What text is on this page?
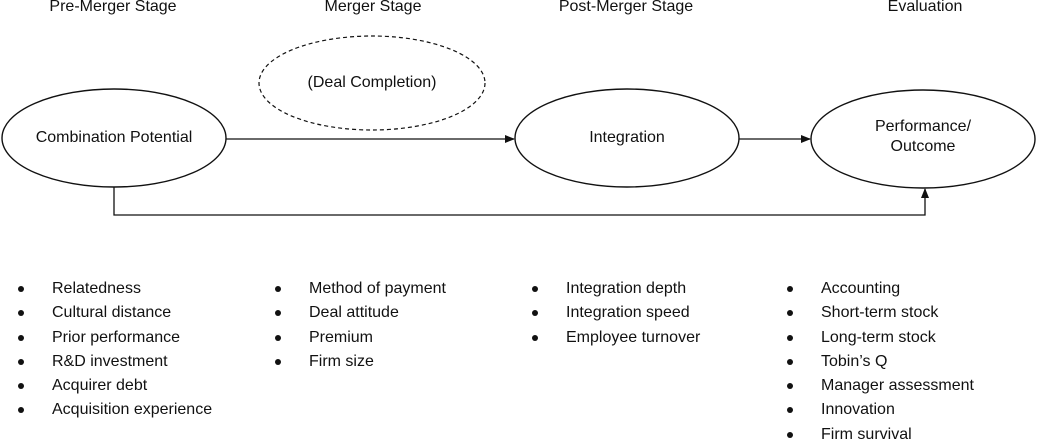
Pre-Merger Stage	Merger Stage	Post-Merger Stage	Evaluation
Combination Potential
(Deal Completion)
Integration
Performance/
Outcome
Relatedness
Cultural distance
Prior performance
R&D investment
Acquirer debt
Acquisition experience
Method of payment
Deal attitude
Premium
Firm size
Integration depth
Integration speed
Employee turnover
Accounting
Short-term stock
Long-term stock
Tobin’s Q
Manager assessment
Innovation
Firm survival
